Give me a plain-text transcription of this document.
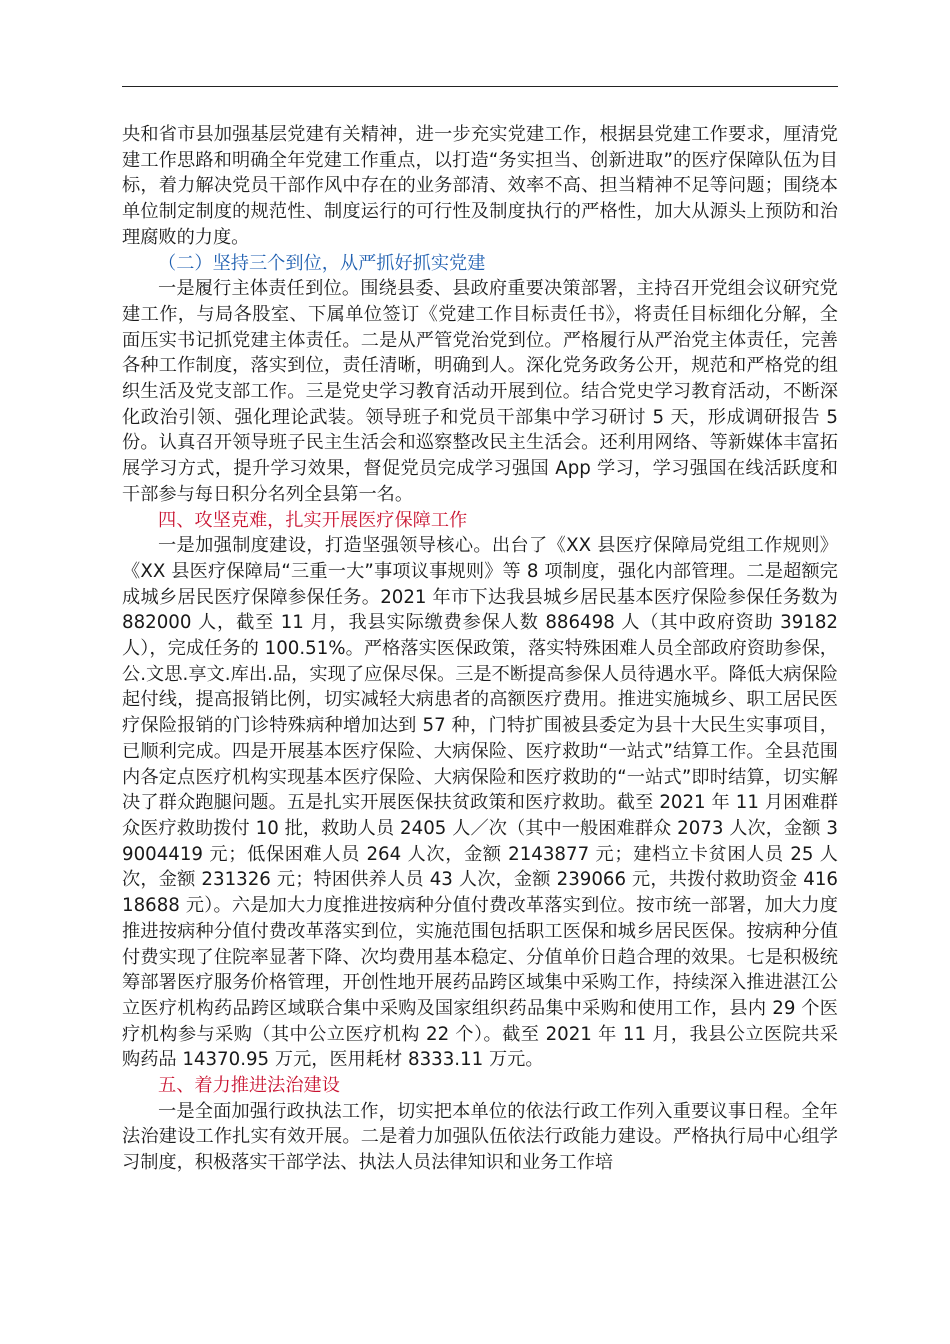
央和省市县加强基层党建有关精神，进一步充实党建工作，根据县党建工作要求，厘清党建工作思路和明确全年党建工作重点，以打造“务实担当、创新进取”的医疗保障队伍为目标，着力解决党员干部作风中存在的业务部清、效率不高、担当精神不足等问题；围绕本单位制定制度的规范性、制度运行的可行性及制度执行的严格性，加大从源头上预防和治理腐败的力度。

（二）坚持三个到位，从严抓好抓实党建

一是履行主体责任到位。围绕县委、县政府重要决策部署，主持召开党组会议研究党建工作，与局各股室、下属单位签订《党建工作目标责任书》，将责任目标细化分解，全面压实书记抓党建主体责任。二是从严管党治党到位。严格履行从严治党主体责任，完善各种工作制度，落实到位，责任清晰，明确到人。深化党务政务公开，规范和严格党的组织生活及党支部工作。三是党史学习教育活动开展到位。结合党史学习教育活动，不断深化政治引领、强化理论武装。领导班子和党员干部集中学习研讨 5 天，形成调研报告 5 份。认真召开领导班子民主生活会和巡察整改民主生活会。还利用网络、等新媒体丰富拓展学习方式，提升学习效果，督促党员完成学习强国 App 学习，学习强国在线活跃度和干部参与每日积分名列全县第一名。

四、攻坚克难，扎实开展医疗保障工作

一是加强制度建设，打造坚强领导核心。出台了《XX 县医疗保障局党组工作规则》《XX 县医疗保障局“三重一大”事项议事规则》等 8 项制度，强化内部管理。二是超额完成城乡居民医疗保障参保任务。2021 年市下达我县城乡居民基本医疗保险参保任务数为 882000 人，截至 11 月，我县实际缴费参保人数 886498 人（其中政府资助 39182 人），完成任务的 100.51%。严格落实医保政策，落实特殊困难人员全部政府资助参保，公.文思.享文.库出.品，实现了应保尽保。三是不断提高参保人员待遇水平。降低大病保险起付线，提高报销比例，切实减轻大病患者的高额医疗费用。推进实施城乡、职工居民医疗保险报销的门诊特殊病种增加达到 57 种，门特扩围被县委定为县十大民生实事项目，已顺利完成。四是开展基本医疗保险、大病保险、医疗救助“一站式”结算工作。全县范围内各定点医疗机构实现基本医疗保险、大病保险和医疗救助的“一站式”即时结算，切实解决了群众跑腿问题。五是扎实开展医保扶贫政策和医疗救助。截至 2021 年 11 月困难群众医疗救助拨付 10 批，救助人员 2405 人／次（其中一般困难群众 2073 人次，金额 39004419 元；低保困难人员 264 人次，金额 2143877 元；建档立卡贫困人员 25 人次，金额 231326 元；特困供养人员 43 人次，金额 239066 元，共拨付救助资金 41618688 元）。六是加大力度推进按病种分值付费改革落实到位。按市统一部署，加大力度推进按病种分值付费改革落实到位，实施范围包括职工医保和城乡居民医保。按病种分值付费实现了住院率显著下降、次均费用基本稳定、分值单价日趋合理的效果。七是积极统筹部署医疗服务价格管理，开创性地开展药品跨区域集中采购工作，持续深入推进湛江公立医疗机构药品跨区域联合集中采购及国家组织药品集中采购和使用工作，县内 29 个医疗机构参与采购（其中公立医疗机构 22 个）。截至 2021 年 11 月，我县公立医院共采购药品 14370.95 万元，医用耗材 8333.11 万元。

五、着力推进法治建设

一是全面加强行政执法工作，切实把本单位的依法行政工作列入重要议事日程。全年法治建设工作扎实有效开展。二是着力加强队伍依法行政能力建设。严格执行局中心组学习制度，积极落实干部学法、执法人员法律知识和业务工作培
